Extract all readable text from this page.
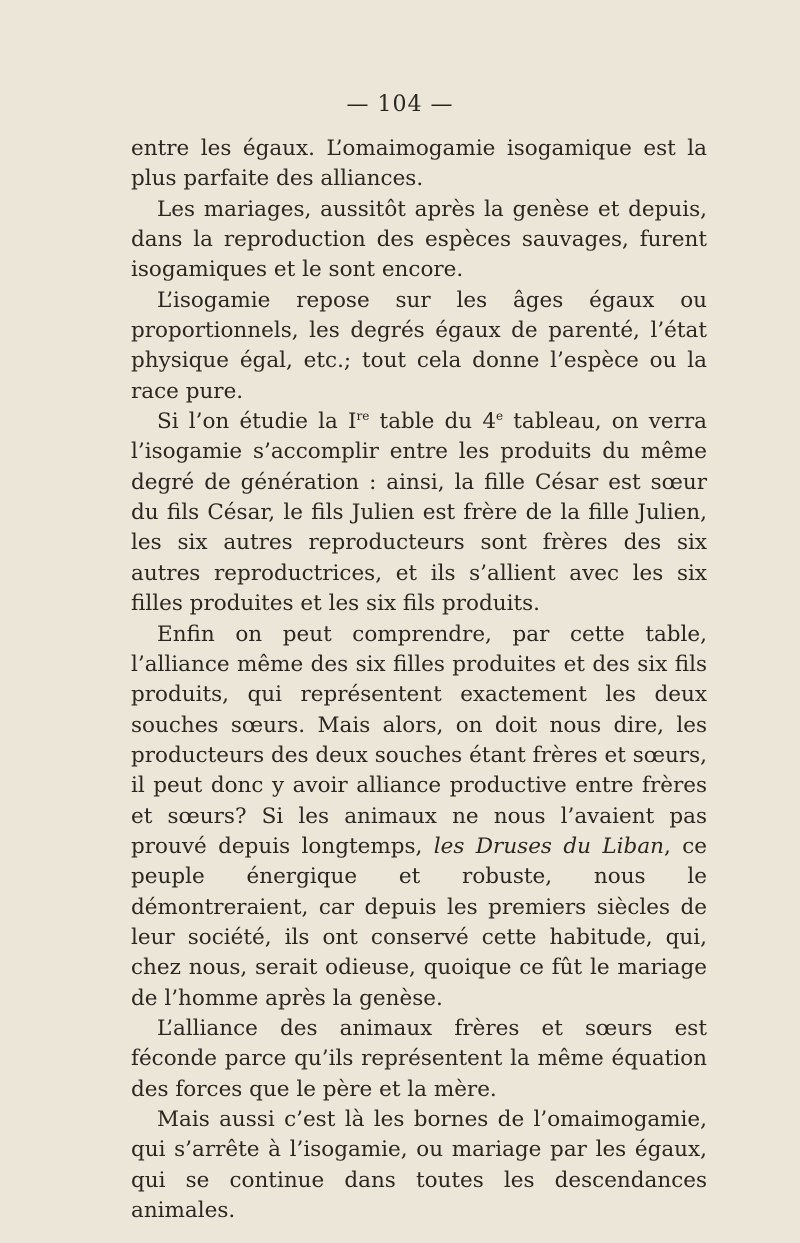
— 104 —

entre les égaux. L’omaimogamie isogamique est la plus parfaite des alliances.

Les mariages, aussitôt après la genèse et depuis, dans la reproduction des espèces sauvages, furent isogamiques et le sont encore.

L’isogamie repose sur les âges égaux ou proportionnels, les degrés égaux de parenté, l’état physique égal, etc.; tout cela donne l’espèce ou la race pure.

Si l’on étudie la Ire table du 4e tableau, on verra l’isogamie s’accomplir entre les produits du même degré de génération : ainsi, la fille César est sœur du fils César, le fils Julien est frère de la fille Julien, les six autres reproducteurs sont frères des six autres reproductrices, et ils s’allient avec les six filles produites et les six fils produits.

Enfin on peut comprendre, par cette table, l’alliance même des six filles produites et des six fils produits, qui représentent exactement les deux souches sœurs. Mais alors, on doit nous dire, les producteurs des deux souches étant frères et sœurs, il peut donc y avoir alliance productive entre frères et sœurs? Si les animaux ne nous l’avaient pas prouvé depuis longtemps, les Druses du Liban, ce peuple énergique et robuste, nous le démontreraient, car depuis les premiers siècles de leur société, ils ont conservé cette habitude, qui, chez nous, serait odieuse, quoique ce fût le mariage de l’homme après la genèse.

L’alliance des animaux frères et sœurs est féconde parce qu’ils représentent la même équation des forces que le père et la mère.

Mais aussi c’est là les bornes de l’omaimogamie, qui s’arrête à l’isogamie, ou mariage par les égaux, qui se continue dans toutes les descendances animales.
